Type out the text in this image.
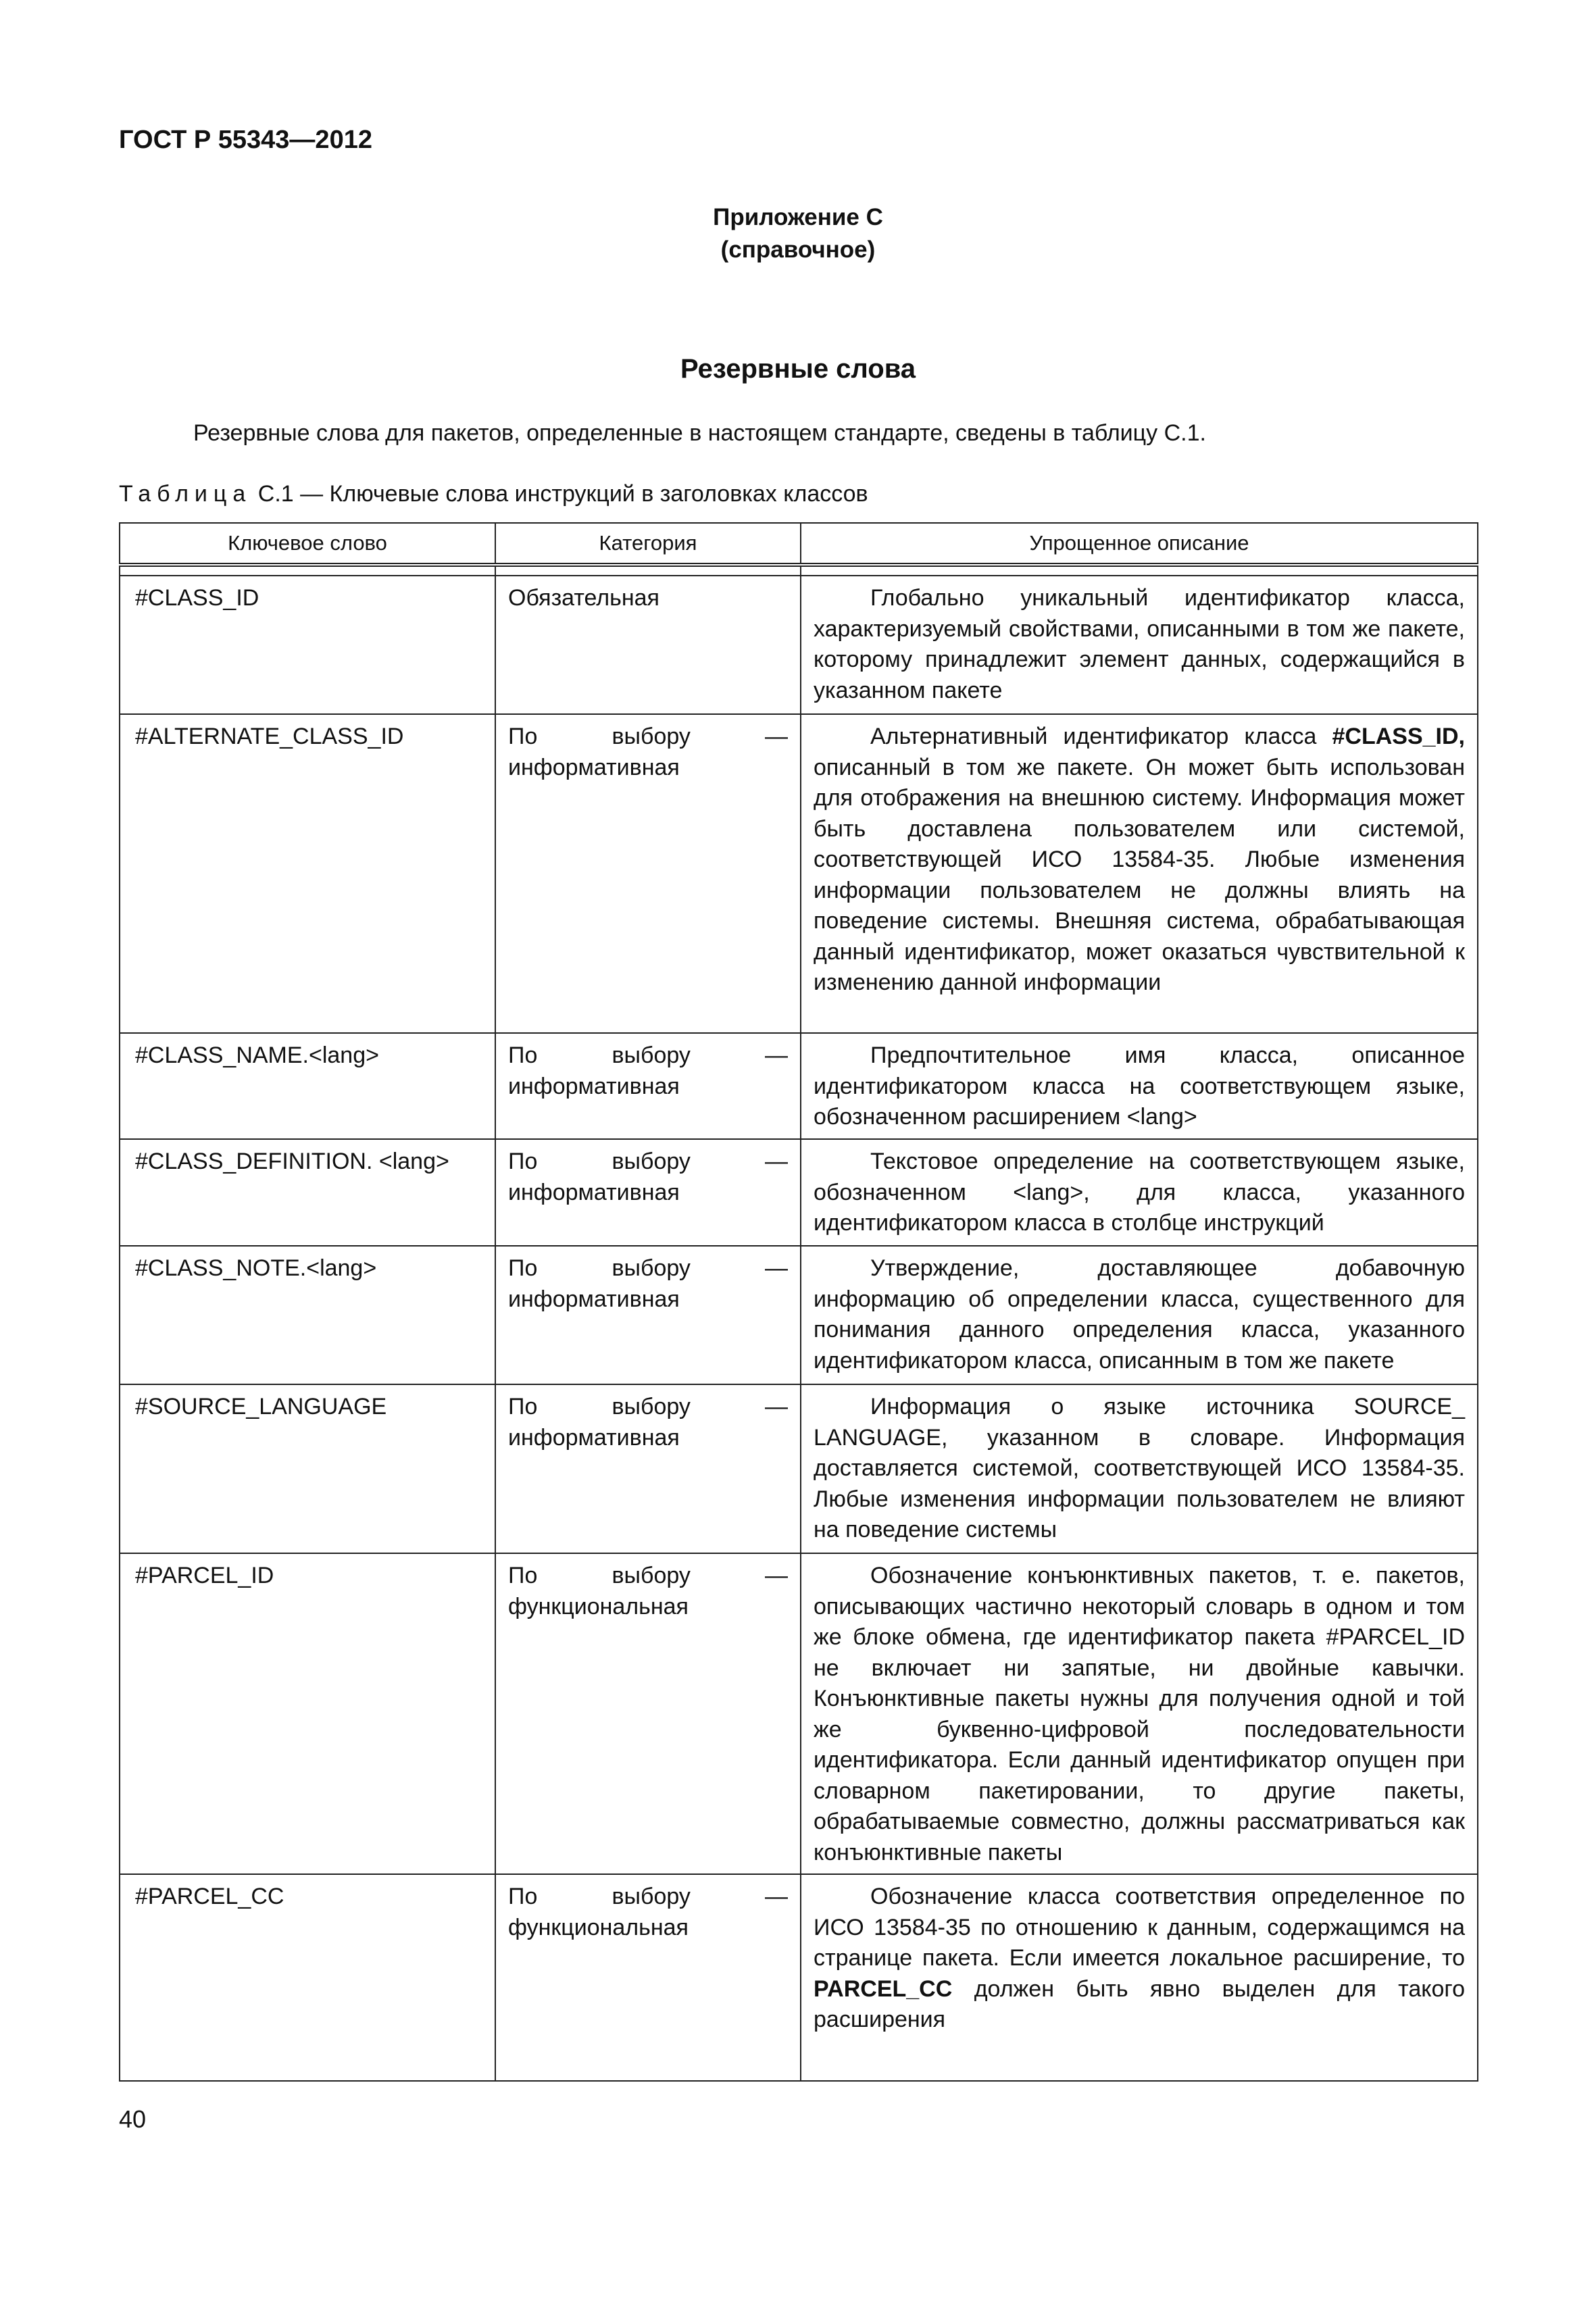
ГОСТ Р 55343—2012
Приложение С
(справочное)
Резервные слова
Резервные слова для пакетов, определенные в настоящем стандарте, сведены в таблицу С.1.
Таблица С.1 — Ключевые слова инструкций в заголовках классов
Ключевое слово	Категория	Упрощенное описание

#CLASS_ID	Обязательная	Глобально уникальный идентификатор класса, характеризуемый свойствами, описанными в том же пакете, которому принадлежит элемент данных, содержащийся в указанном пакете
#ALTERNATE_CLASS_ID	По выбору — информативная	Альтернативный идентификатор класса #CLASS_ID, описанный в том же пакете. Он может быть использован для отображения на внешнюю систему. Информация может быть доставлена пользователем или системой, соответствующей ИСО 13584-35. Любые изменения информации пользователем не должны влиять на поведение системы. Внешняя система, обрабатывающая данный идентификатор, может оказаться чувствительной к изменению данной информации
#CLASS_NAME.<lang>	По выбору — информативная	Предпочтительное имя класса, описанное идентификатором класса на соответствующем языке, обозначенном расширением <lang>
#CLASS_DEFINITION. <lang>	По выбору — информативная	Текстовое определение на соответствующем языке, обозначенном <lang>, для класса, указанного идентификатором класса в столбце инструкций
#CLASS_NOTE.<lang>	По выбору — информативная	Утверждение, доставляющее добавочную информацию об определении класса, существенного для понимания данного определения класса, указанного идентификатором класса, описанным в том же пакете
#SOURCE_LANGUAGE	По выбору — информативная	Информация о языке источника SOURCE_ LANGUAGE, указанном в словаре. Информация доставляется системой, соответствующей ИСО 13584-35. Любые изменения информации пользователем не влияют на поведение системы
#PARCEL_ID	По выбору — функциональная	Обозначение конъюнктивных пакетов, т. е. пакетов, описывающих частично некоторый словарь в одном и том же блоке обмена, где идентификатор пакета #PARCEL_ID не включает ни запятые, ни двойные кавычки. Конъюнктивные пакеты нужны для получения одной и той же буквенно-цифровой последовательности идентификатора. Если данный идентификатор опущен при словарном пакетировании, то другие пакеты, обрабатываемые совместно, должны рассматриваться как конъюнктивные пакеты
#PARCEL_CC	По выбору — функциональная	Обозначение класса соответствия определенное по ИСО 13584-35 по отношению к данным, содержащимся на странице пакета. Если имеется локальное расширение, то PARCEL_CC должен быть явно выделен для такого расширения
40
